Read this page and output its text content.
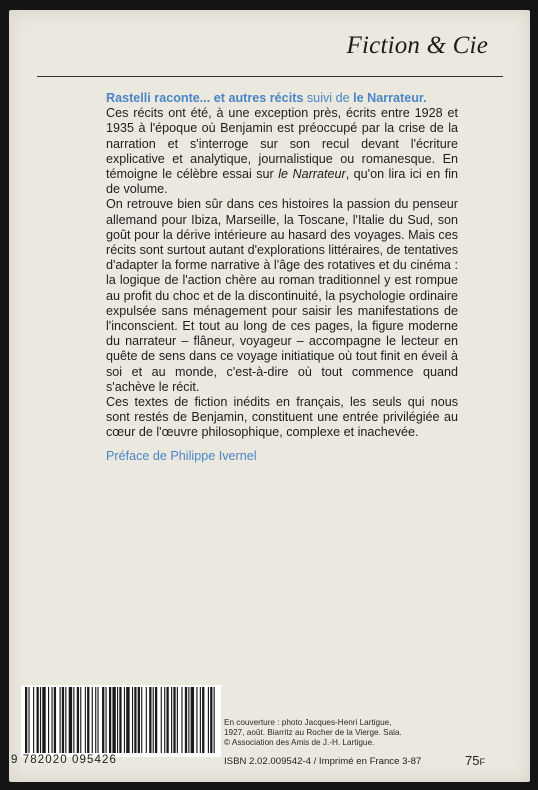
Fiction & Cie

Rastelli raconte... et autres récits suivi de le Narrateur.

Ces récits ont été, à une exception près, écrits entre 1928 et 1935 à l'époque où Benjamin est préoccupé par la crise de la narration et s'interroge sur son recul devant l'écriture explicative et analytique, journalistique ou romanesque. En témoigne le célèbre essai sur le Narrateur, qu'on lira ici en fin de volume.

On retrouve bien sûr dans ces histoires la passion du penseur allemand pour Ibiza, Marseille, la Toscane, l'Italie du Sud, son goût pour la dérive intérieure au hasard des voyages. Mais ces récits sont surtout autant d'explorations littéraires, de tentatives d'adapter la forme narrative à l'âge des rotatives et du cinéma : la logique de l'action chère au roman traditionnel y est rompue au profit du choc et de la discontinuité, la psychologie ordinaire expulsée sans ménagement pour saisir les manifestations de l'inconscient. Et tout au long de ces pages, la figure moderne du narrateur – flâneur, voyageur – accompagne le lecteur en quête de sens dans ce voyage initiatique où tout finit en éveil à soi et au monde, c'est-à-dire où tout commence quand s'achève le récit.

Ces textes de fiction inédits en français, les seuls qui nous sont restés de Benjamin, constituent une entrée privilégiée au cœur de l'œuvre philosophique, complexe et inachevée.

Préface de Philippe Ivernel
9 782020 095426
En couverture : photo Jacques-Henri Lartigue,
1927, août. Biarritz au Rocher de la Vierge. Sala.
© Association des Amis de J.-H. Lartigue.
ISBN 2.02.009542-4 / Imprimé en France 3-87	75F
